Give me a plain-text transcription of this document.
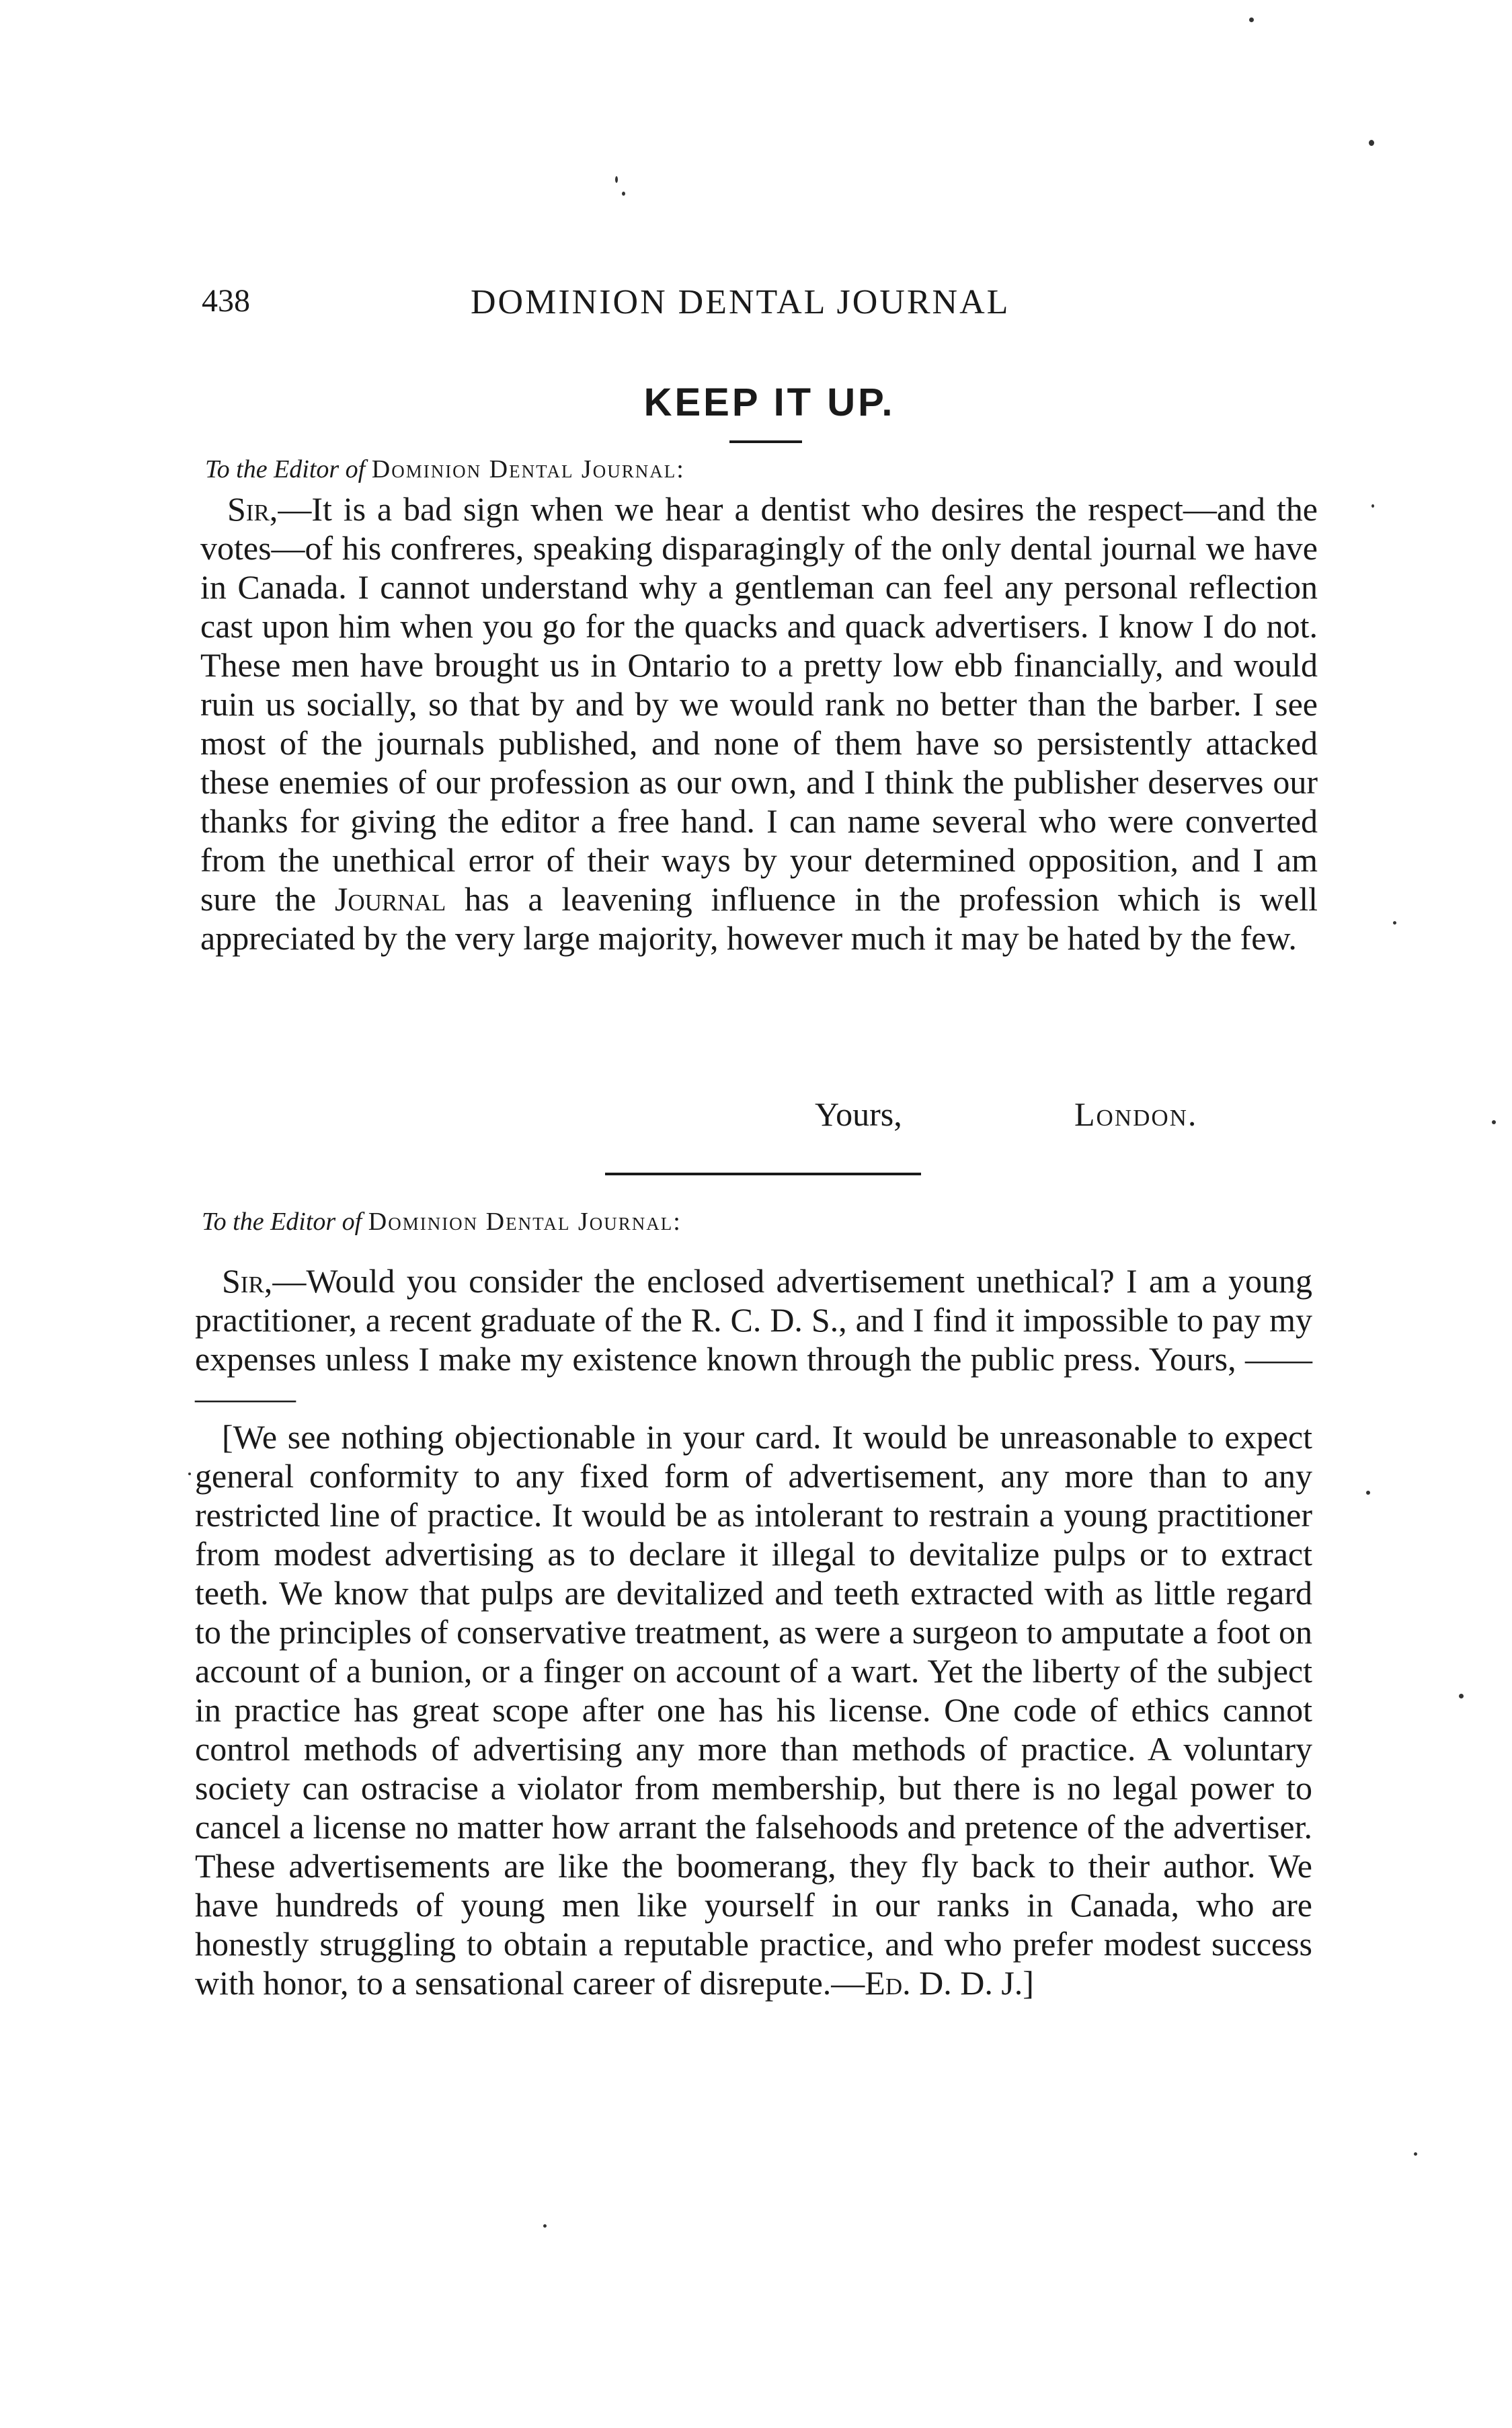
438	DOMINION DENTAL JOURNAL
KEEP IT UP.
To the Editor of Dominion Dental Journal:

Sir,—It is a bad sign when we hear a dentist who desires the respect—and the votes—of his confreres, speaking disparagingly of the only dental journal we have in Canada. I cannot understand why a gentleman can feel any personal reflection cast upon him when you go for the quacks and quack advertisers. I know I do not. These men have brought us in Ontario to a pretty low ebb financially, and would ruin us socially, so that by and by we would rank no better than the barber. I see most of the journals published, and none of them have so persistently attacked these enemies of our profession as our own, and I think the publisher deserves our thanks for giving the editor a free hand. I can name several who were converted from the unethical error of their ways by your determined opposition, and I am sure the Journal has a leavening influence in the profession which is well appreciated by the very large majority, however much it may be hated by the few.

Yours,	London.
To the Editor of Dominion Dental Journal:

Sir,—Would you consider the enclosed advertisement unethical? I am a young practitioner, a recent graduate of the R. C. D. S., and I find it impossible to pay my expenses unless I make my existence known through the public press. Yours, —— ———

[We see nothing objectionable in your card. It would be unreasonable to expect general conformity to any fixed form of advertisement, any more than to any restricted line of practice. It would be as intolerant to restrain a young practitioner from modest advertising as to declare it illegal to devitalize pulps or to extract teeth. We know that pulps are devitalized and teeth extracted with as little regard to the principles of conservative treatment, as were a surgeon to amputate a foot on account of a bunion, or a finger on account of a wart. Yet the liberty of the subject in practice has great scope after one has his license. One code of ethics cannot control methods of advertising any more than methods of practice. A voluntary society can ostracise a violator from membership, but there is no legal power to cancel a license no matter how arrant the falsehoods and pretence of the advertiser. These advertisements are like the boomerang, they fly back to their author. We have hundreds of young men like yourself in our ranks in Canada, who are honestly struggling to obtain a reputable practice, and who prefer modest success with honor, to a sensational career of disrepute.—Ed. D. D. J.]
